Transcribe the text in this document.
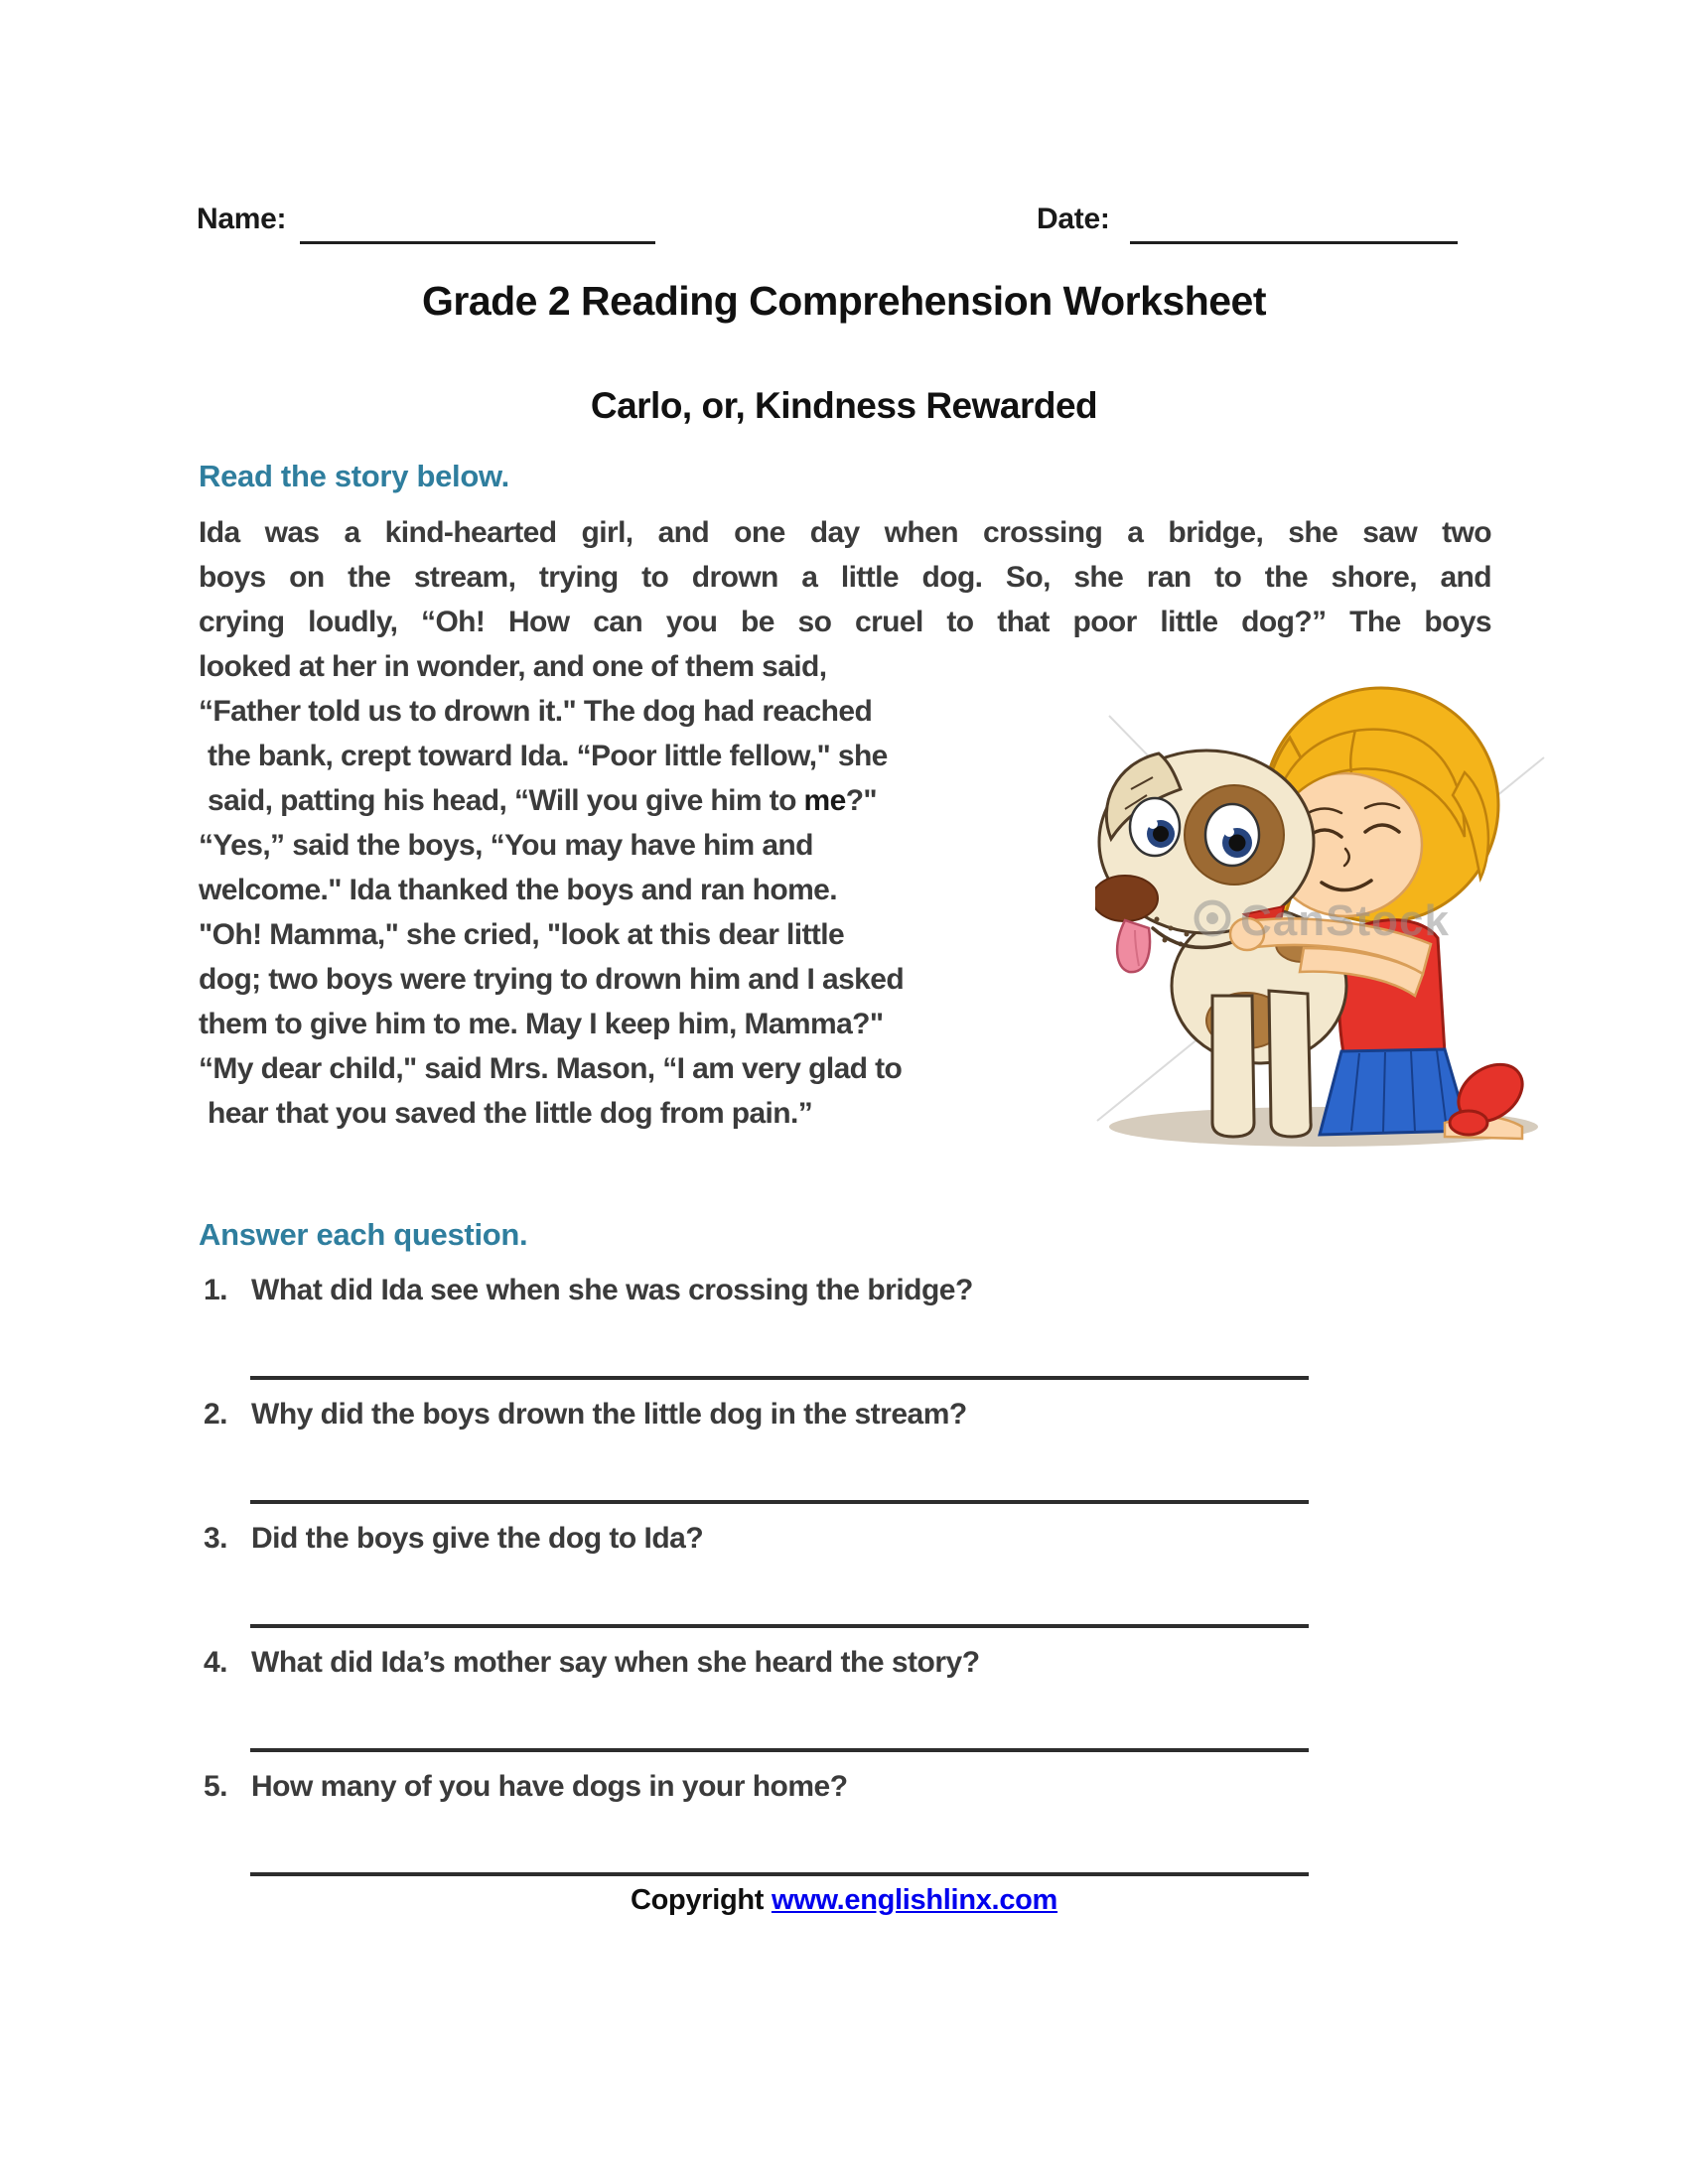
Name:	Date:
Grade 2 Reading Comprehension Worksheet
Carlo, or, Kindness Rewarded
Read the story below.
Ida was a kind-hearted girl, and one day when crossing a bridge, she saw two
boys on the stream, trying to drown a little dog. So, she ran to the shore, and
crying loudly, “Oh! How can you be so cruel to that poor little dog?” The boys
looked at her in wonder, and one of them said,
“Father told us to drown it." The dog had reached
the bank, crept toward Ida. “Poor little fellow," she
said, patting his head, “Will you give him to me?"
“Yes,” said the boys, “You may have him and
welcome." Ida thanked the boys and ran home.
"Oh! Mamma," she cried, "look at this dear little
dog; two boys were trying to drown him and I asked
them to give him to me. May I keep him, Mamma?"
“My dear child," said Mrs. Mason, “I am very glad to
hear that you saved the little dog from pain.”
CanStock
Answer each question.
1. What did Ida see when she was crossing the bridge?
2. Why did the boys drown the little dog in the stream?
3. Did the boys give the dog to Ida?
4. What did Ida’s mother say when she heard the story?
5. How many of you have dogs in your home?
Copyright www.englishlinx.com
